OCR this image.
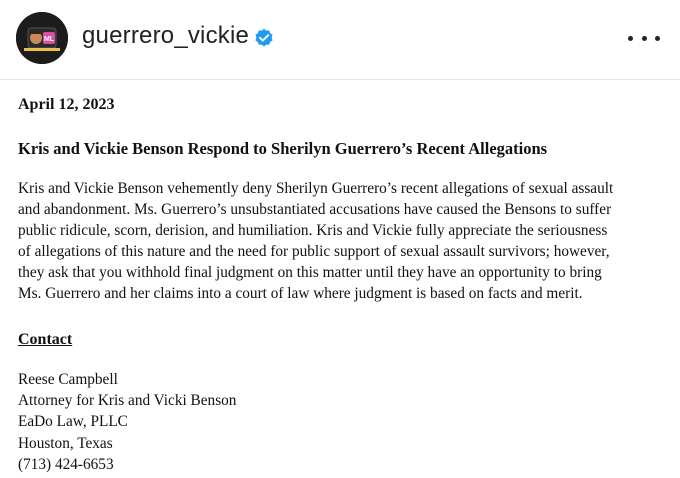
ML guerrero_vickie
April 12, 2023
Kris and Vickie Benson Respond to Sherilyn Guerrero’s Recent Allegations
Kris and Vickie Benson vehemently deny Sherilyn Guerrero’s recent allegations of sexual assault
and abandonment. Ms. Guerrero’s unsubstantiated accusations have caused the Bensons to suffer
public ridicule, scorn, derision, and humiliation. Kris and Vickie fully appreciate the seriousness
of allegations of this nature and the need for public support of sexual assault survivors; however,
they ask that you withhold final judgment on this matter until they have an opportunity to bring
Ms. Guerrero and her claims into a court of law where judgment is based on facts and merit.
Contact
Reese Campbell
Attorney for Kris and Vicki Benson
EaDo Law, PLLC
Houston, Texas
(713) 424-6653
